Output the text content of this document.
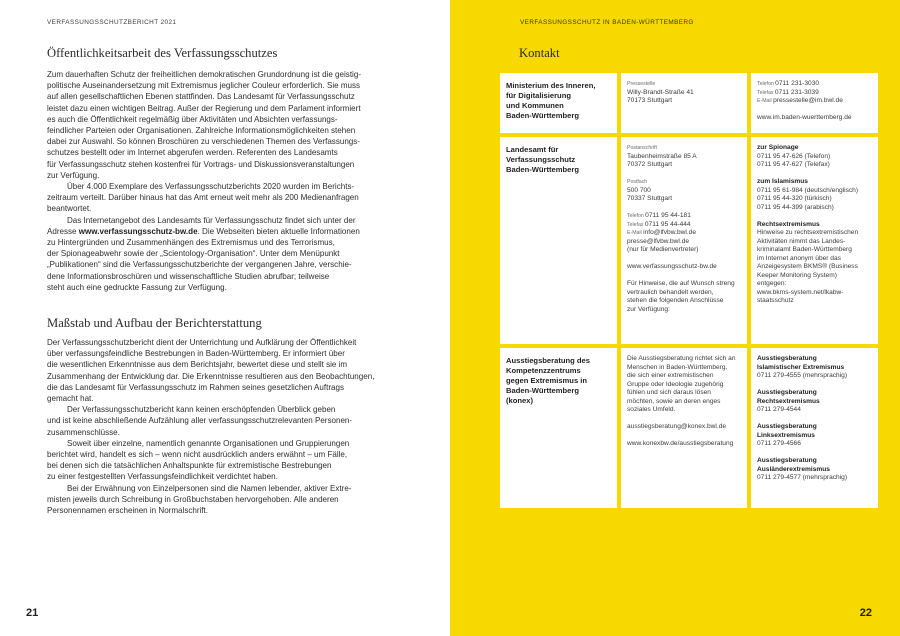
VERFASSUNGSSCHUTZBERICHT 2021
Öffentlichkeitsarbeit des Verfassungsschutzes

Zum dauerhaften Schutz der freiheitlichen demokratischen Grundordnung ist die geistig-
politische Auseinandersetzung mit Extremismus jeglicher Couleur erforderlich. Sie muss
auf allen gesellschaftlichen Ebenen stattfinden. Das Landesamt für Verfassungsschutz
leistet dazu einen wichtigen Beitrag. Außer der Regierung und dem Parlament informiert
es auch die Öffentlichkeit regelmäßig über Aktivitäten und Absichten verfassungs-
feindlicher Parteien oder Organisationen. Zahlreiche Informationsmöglichkeiten stehen
dabei zur Auswahl. So können Broschüren zu verschiedenen Themen des Verfassungs-
schutzes bestellt oder im Internet abgerufen werden. Referenten des Landesamts
für Verfassungsschutz stehen kostenfrei für Vortrags- und Diskussionsveranstaltungen
zur Verfügung.

Über 4.000 Exemplare des Verfassungsschutzberichts 2020 wurden im Berichts-
zeitraum verteilt. Darüber hinaus hat das Amt erneut weit mehr als 200 Medienanfragen
beantwortet.

Das Internetangebot des Landesamts für Verfassungsschutz findet sich unter der
Adresse www.verfassungsschutz-bw.de. Die Webseiten bieten aktuelle Informationen
zu Hintergründen und Zusammenhängen des Extremismus und des Terrorismus,
der Spionageabwehr sowie der „Scientology-Organisation“. Unter dem Menüpunkt
„Publikationen“ sind die Verfassungsschutzberichte der vergangenen Jahre, verschie-
dene Informationsbroschüren und wissenschaftliche Studien abrufbar; teilweise
steht auch eine gedruckte Fassung zur Verfügung.

Maßstab und Aufbau der Berichterstattung

Der Verfassungsschutzbericht dient der Unterrichtung und Aufklärung der Öffentlichkeit
über verfassungsfeindliche Bestrebungen in Baden-Württemberg. Er informiert über
die wesentlichen Erkenntnisse aus dem Berichtsjahr, bewertet diese und stellt sie im
Zusammenhang der Entwicklung dar. Die Erkenntnisse resultieren aus den Beobachtungen,
die das Landesamt für Verfassungsschutz im Rahmen seines gesetzlichen Auftrags
gemacht hat.

Der Verfassungsschutzbericht kann keinen erschöpfenden Überblick geben
und ist keine abschließende Aufzählung aller verfassungsschutzrelevanten Personen-
zusammenschlüsse.

Soweit über einzelne, namentlich genannte Organisationen und Gruppierungen
berichtet wird, handelt es sich – wenn nicht ausdrücklich anders erwähnt – um Fälle,
bei denen sich die tatsächlichen Anhaltspunkte für extremistische Bestrebungen
zu einer festgestellten Verfassungsfeindlichkeit verdichtet haben.

Bei der Erwähnung von Einzelpersonen sind die Namen lebender, aktiver Extre-
misten jeweils durch Schreibung in Großbuchstaben hervorgehoben. Alle anderen
Personennamen erscheinen in Normalschrift.

21
VERFASSUNGSSCHUTZ IN BADEN-WÜRTTEMBERG
Kontakt
Ministerium des Inneren,
für Digitalisierung
und Kommunen
Baden-Württemberg
Pressestelle
Willy-Brandt-Straße 41
70173 Stuttgart
Telefon 0711 231-3030
Telefax 0711 231-3039
E-Mail pressestelle@im.bwl.de
www.im.baden-wuerttemberg.de
Landesamt für
Verfassungsschutz
Baden-Württemberg
Postanschrift
Taubenheimstraße 85 A
70372 Stuttgart
Postfach
500 700
70337 Stuttgart
Telefon 0711 95 44-181
Telefax 0711 95 44-444
E-Mail info@lfvbw.bwl.de
presse@lfvbw.bwl.de
(nur für Medienvertreter)
www.verfassungsschutz-bw.de
Für Hinweise, die auf Wunsch streng
vertraulich behandelt werden,
stehen die folgenden Anschlüsse
zur Verfügung:
zur Spionage
0711 95 47-626 (Telefon)
0711 95 47-627 (Telefax)
zum Islamismus
0711 95 61-984 (deutsch/englisch)
0711 95 44-320 (türkisch)
0711 95 44-399 (arabisch)
Rechtsextremismus
Hinweise zu rechtsextremistischen
Aktivitäten nimmt das Landes-
kriminalamt Baden-Württemberg
im Internet anonym über das
Anzeigesystem BKMS® (Business
Keeper Monitoring System)
entgegen:
www.bkms-system.net/lkabw-
staatsschutz
Ausstiegsberatung des
Kompetenzzentrums
gegen Extremismus in
Baden-Württemberg
(konex)
Die Ausstiegsberatung richtet sich an
Menschen in Baden-Württemberg,
die sich einer extremistischen
Gruppe oder Ideologie zugehörig
fühlen und sich daraus lösen
möchten, sowie an deren enges
soziales Umfeld.
ausstiegsberatung@konex.bwl.de
www.konexbw.de/ausstiegsberatung
Ausstiegsberatung
Islamistischer Extremismus
0711 279-4555 (mehrsprachig)
Ausstiegsberatung
Rechtsextremismus
0711 279-4544
Ausstiegsberatung
Linksextremismus
0711 279-4566
Ausstiegsberatung
Ausländerextremismus
0711 279-4577 (mehrsprachig)
22
